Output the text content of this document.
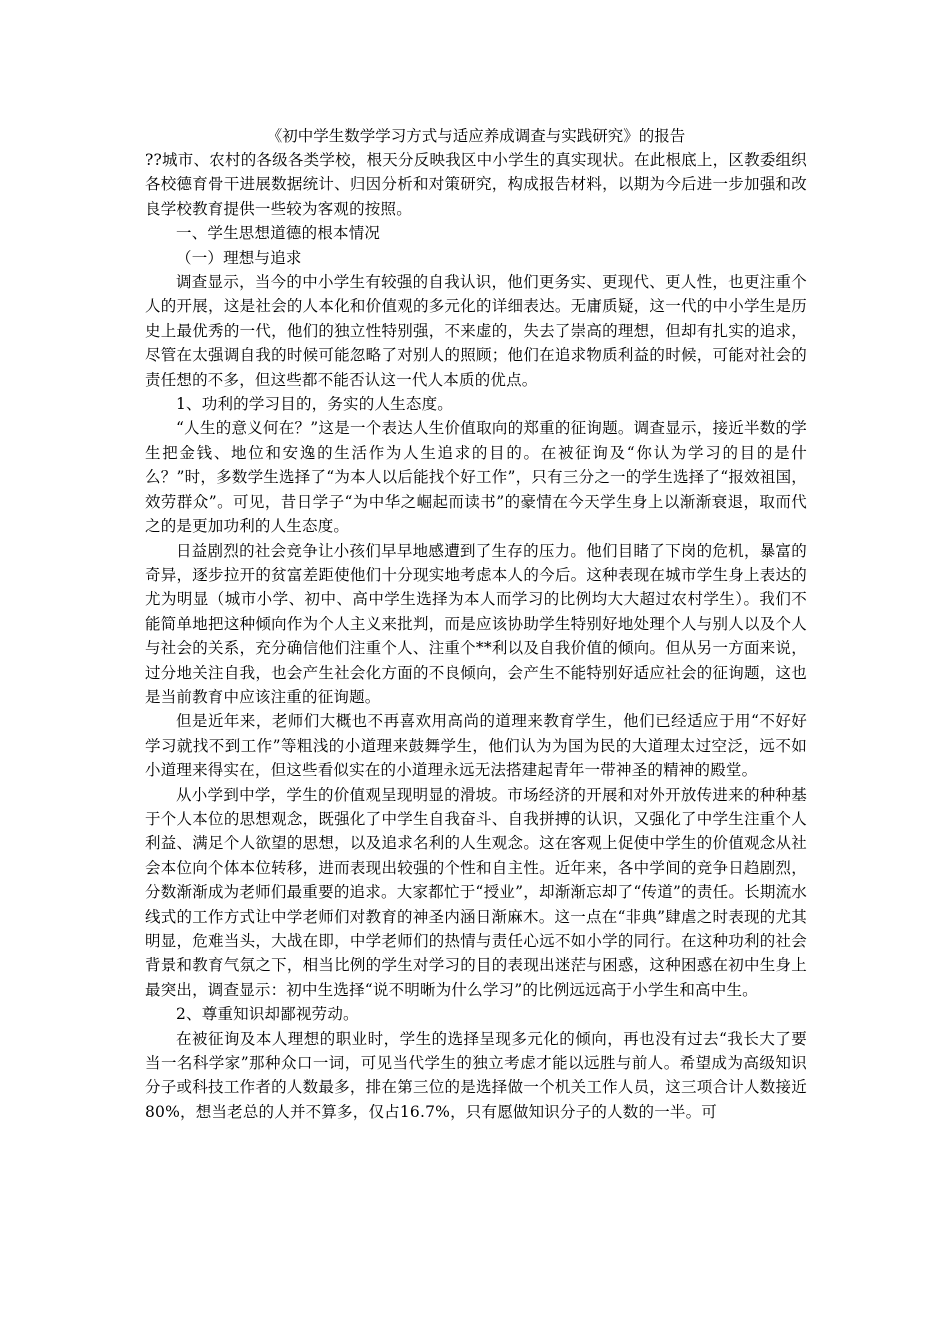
《初中学生数学学习方式与适应养成调查与实践研究》的报告

??城市、农村的各级各类学校，根天分反映我区中小学生的真实现状。在此根底上，区教委组织各校德育骨干进展数据统计、归因分析和对策研究，构成报告材料，以期为今后进一步加强和改良学校教育提供一些较为客观的按照。

一、学生思想道德的根本情况

（一）理想与追求

调查显示，当今的中小学生有较强的自我认识，他们更务实、更现代、更人性，也更注重个人的开展，这是社会的人本化和价值观的多元化的详细表达。无庸质疑，这一代的中小学生是历史上最优秀的一代，他们的独立性特别强，不来虚的，失去了崇高的理想，但却有扎实的追求，尽管在太强调自我的时候可能忽略了对别人的照顾；他们在追求物质利益的时候，可能对社会的责任想的不多，但这些都不能否认这一代人本质的优点。

1、功利的学习目的，务实的人生态度。

“人生的意义何在？”这是一个表达人生价值取向的郑重的征询题。调查显示，接近半数的学生把金钱、地位和安逸的生活作为人生追求的目的。在被征询及“你认为学习的目的是什么？”时，多数学生选择了“为本人以后能找个好工作”，只有三分之一的学生选择了“报效祖国，效劳群众”。可见，昔日学子“为中华之崛起而读书”的豪情在今天学生身上以渐渐衰退，取而代之的是更加功利的人生态度。

日益剧烈的社会竞争让小孩们早早地感遭到了生存的压力。他们目睹了下岗的危机，暴富的奇异，逐步拉开的贫富差距使他们十分现实地考虑本人的今后。这种表现在城市学生身上表达的尤为明显（城市小学、初中、高中学生选择为本人而学习的比例均大大超过农村学生）。我们不能简单地把这种倾向作为个人主义来批判，而是应该协助学生特别好地处理个人与别人以及个人与社会的关系，充分确信他们注重个人、注重个**利以及自我价值的倾向。但从另一方面来说，过分地关注自我，也会产生社会化方面的不良倾向，会产生不能特别好适应社会的征询题，这也是当前教育中应该注重的征询题。

但是近年来，老师们大概也不再喜欢用高尚的道理来教育学生，他们已经适应于用“不好好学习就找不到工作”等粗浅的小道理来鼓舞学生，他们认为为国为民的大道理太过空泛，远不如小道理来得实在，但这些看似实在的小道理永远无法搭建起青年一带神圣的精神的殿堂。

从小学到中学，学生的价值观呈现明显的滑坡。市场经济的开展和对外开放传进来的种种基于个人本位的思想观念，既强化了中学生自我奋斗、自我拼搏的认识，又强化了中学生注重个人利益、满足个人欲望的思想，以及追求名利的人生观念。这在客观上促使中学生的价值观念从社会本位向个体本位转移，进而表现出较强的个性和自主性。近年来，各中学间的竞争日趋剧烈，分数渐渐成为老师们最重要的追求。大家都忙于“授业”，却渐渐忘却了“传道”的责任。长期流水线式的工作方式让中学老师们对教育的神圣内涵日渐麻木。这一点在“非典”肆虐之时表现的尤其明显，危难当头，大战在即，中学老师们的热情与责任心远不如小学的同行。在这种功利的社会背景和教育气氛之下，相当比例的学生对学习的目的表现出迷茫与困惑，这种困惑在初中生身上最突出，调查显示：初中生选择“说不明晰为什么学习”的比例远远高于小学生和高中生。

2、尊重知识却鄙视劳动。

在被征询及本人理想的职业时，学生的选择呈现多元化的倾向，再也没有过去“我长大了要当一名科学家”那种众口一词，可见当代学生的独立考虑才能以远胜与前人。希望成为高级知识分子或科技工作者的人数最多，排在第三位的是选择做一个机关工作人员，这三项合计人数接近80%，想当老总的人并不算多，仅占16.7%，只有愿做知识分子的人数的一半。可
